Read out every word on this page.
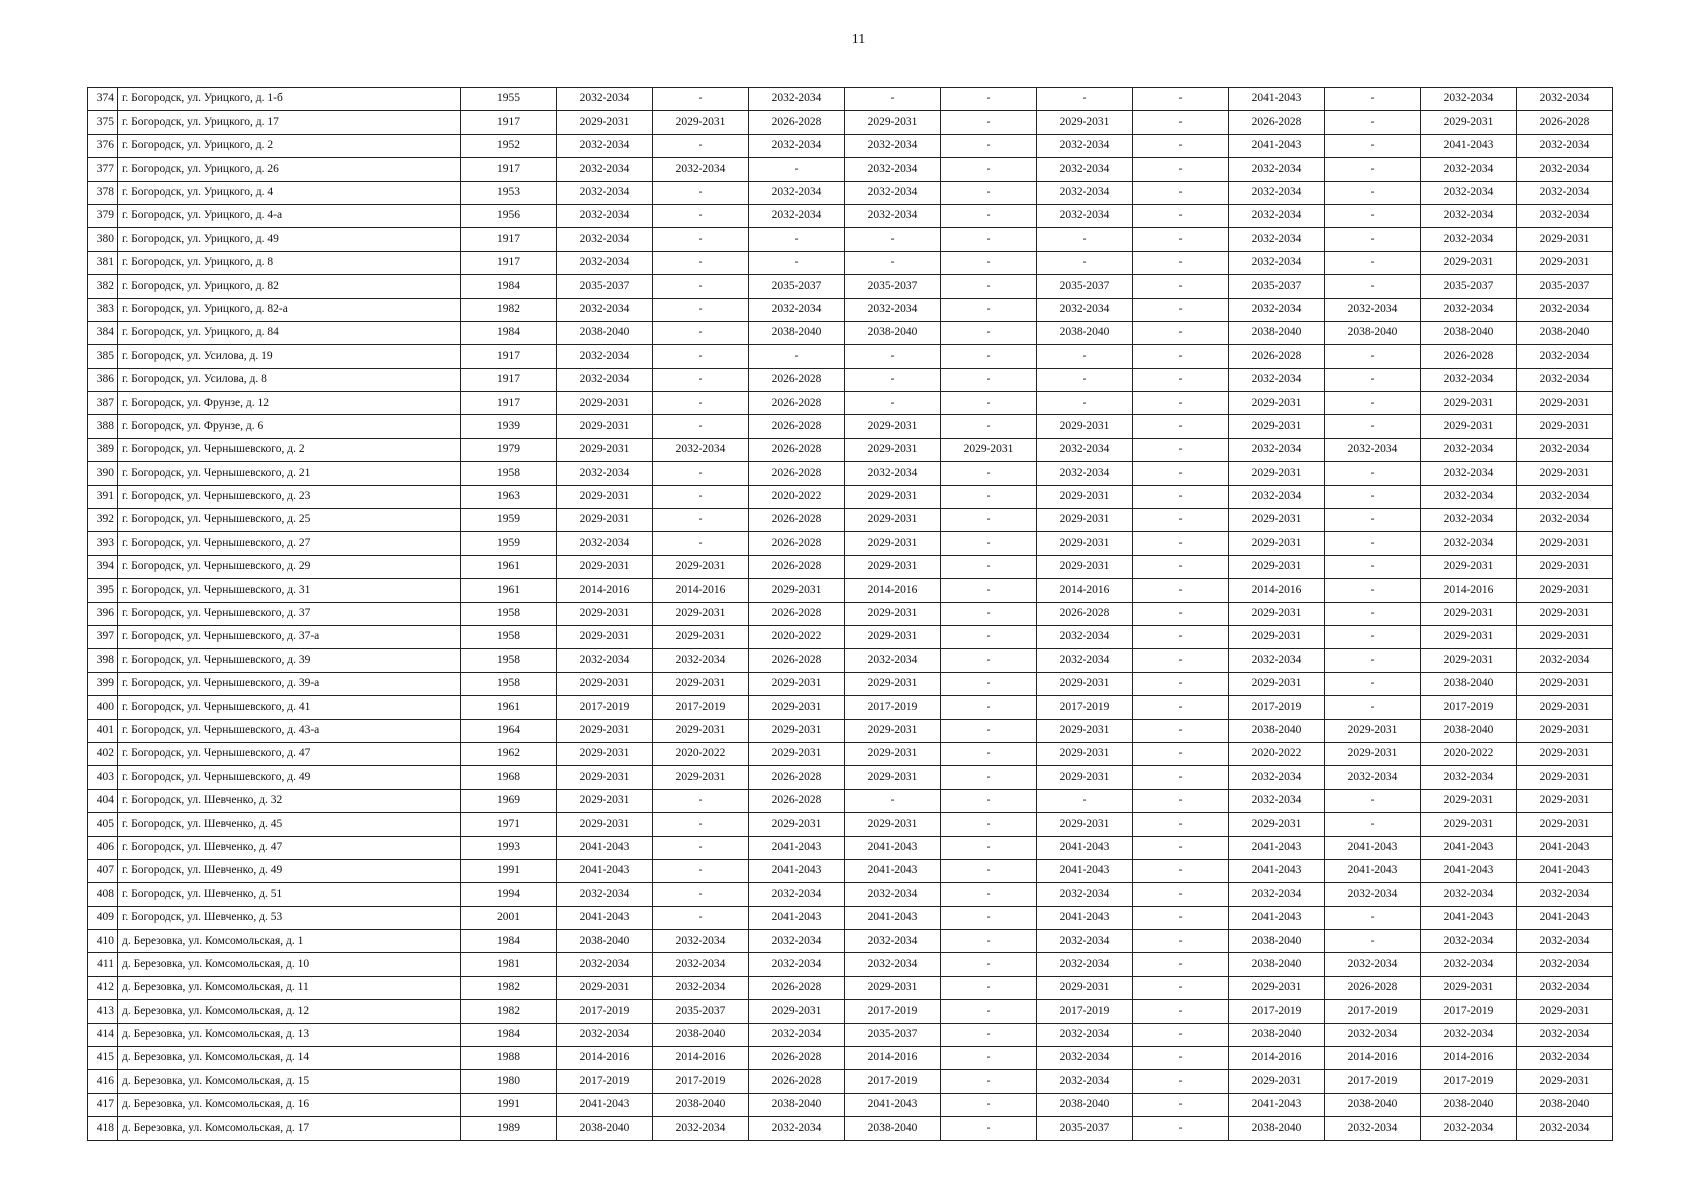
11
374	г. Богородск, ул. Урицкого, д. 1-б	1955	2032-2034	-	2032-2034	-	-	-	-	2041-2043	-	2032-2034	2032-2034
375	г. Богородск, ул. Урицкого, д. 17	1917	2029-2031	2029-2031	2026-2028	2029-2031	-	2029-2031	-	2026-2028	-	2029-2031	2026-2028
376	г. Богородск, ул. Урицкого, д. 2	1952	2032-2034	-	2032-2034	2032-2034	-	2032-2034	-	2041-2043	-	2041-2043	2032-2034
377	г. Богородск, ул. Урицкого, д. 26	1917	2032-2034	2032-2034	-	2032-2034	-	2032-2034	-	2032-2034	-	2032-2034	2032-2034
378	г. Богородск, ул. Урицкого, д. 4	1953	2032-2034	-	2032-2034	2032-2034	-	2032-2034	-	2032-2034	-	2032-2034	2032-2034
379	г. Богородск, ул. Урицкого, д. 4-а	1956	2032-2034	-	2032-2034	2032-2034	-	2032-2034	-	2032-2034	-	2032-2034	2032-2034
380	г. Богородск, ул. Урицкого, д. 49	1917	2032-2034	-	-	-	-	-	-	2032-2034	-	2032-2034	2029-2031
381	г. Богородск, ул. Урицкого, д. 8	1917	2032-2034	-	-	-	-	-	-	2032-2034	-	2029-2031	2029-2031
382	г. Богородск, ул. Урицкого, д. 82	1984	2035-2037	-	2035-2037	2035-2037	-	2035-2037	-	2035-2037	-	2035-2037	2035-2037
383	г. Богородск, ул. Урицкого, д. 82-а	1982	2032-2034	-	2032-2034	2032-2034	-	2032-2034	-	2032-2034	2032-2034	2032-2034	2032-2034
384	г. Богородск, ул. Урицкого, д. 84	1984	2038-2040	-	2038-2040	2038-2040	-	2038-2040	-	2038-2040	2038-2040	2038-2040	2038-2040
385	г. Богородск, ул. Усилова, д. 19	1917	2032-2034	-	-	-	-	-	-	2026-2028	-	2026-2028	2032-2034
386	г. Богородск, ул. Усилова, д. 8	1917	2032-2034	-	2026-2028	-	-	-	-	2032-2034	-	2032-2034	2032-2034
387	г. Богородск, ул. Фрунзе, д. 12	1917	2029-2031	-	2026-2028	-	-	-	-	2029-2031	-	2029-2031	2029-2031
388	г. Богородск, ул. Фрунзе, д. 6	1939	2029-2031	-	2026-2028	2029-2031	-	2029-2031	-	2029-2031	-	2029-2031	2029-2031
389	г. Богородск, ул. Чернышевского, д. 2	1979	2029-2031	2032-2034	2026-2028	2029-2031	2029-2031	2032-2034	-	2032-2034	2032-2034	2032-2034	2032-2034
390	г. Богородск, ул. Чернышевского, д. 21	1958	2032-2034	-	2026-2028	2032-2034	-	2032-2034	-	2029-2031	-	2032-2034	2029-2031
391	г. Богородск, ул. Чернышевского, д. 23	1963	2029-2031	-	2020-2022	2029-2031	-	2029-2031	-	2032-2034	-	2032-2034	2032-2034
392	г. Богородск, ул. Чернышевского, д. 25	1959	2029-2031	-	2026-2028	2029-2031	-	2029-2031	-	2029-2031	-	2032-2034	2032-2034
393	г. Богородск, ул. Чернышевского, д. 27	1959	2032-2034	-	2026-2028	2029-2031	-	2029-2031	-	2029-2031	-	2032-2034	2029-2031
394	г. Богородск, ул. Чернышевского, д. 29	1961	2029-2031	2029-2031	2026-2028	2029-2031	-	2029-2031	-	2029-2031	-	2029-2031	2029-2031
395	г. Богородск, ул. Чернышевского, д. 31	1961	2014-2016	2014-2016	2029-2031	2014-2016	-	2014-2016	-	2014-2016	-	2014-2016	2029-2031
396	г. Богородск, ул. Чернышевского, д. 37	1958	2029-2031	2029-2031	2026-2028	2029-2031	-	2026-2028	-	2029-2031	-	2029-2031	2029-2031
397	г. Богородск, ул. Чернышевского, д. 37-а	1958	2029-2031	2029-2031	2020-2022	2029-2031	-	2032-2034	-	2029-2031	-	2029-2031	2029-2031
398	г. Богородск, ул. Чернышевского, д. 39	1958	2032-2034	2032-2034	2026-2028	2032-2034	-	2032-2034	-	2032-2034	-	2029-2031	2032-2034
399	г. Богородск, ул. Чернышевского, д. 39-а	1958	2029-2031	2029-2031	2029-2031	2029-2031	-	2029-2031	-	2029-2031	-	2038-2040	2029-2031
400	г. Богородск, ул. Чернышевского, д. 41	1961	2017-2019	2017-2019	2029-2031	2017-2019	-	2017-2019	-	2017-2019	-	2017-2019	2029-2031
401	г. Богородск, ул. Чернышевского, д. 43-а	1964	2029-2031	2029-2031	2029-2031	2029-2031	-	2029-2031	-	2038-2040	2029-2031	2038-2040	2029-2031
402	г. Богородск, ул. Чернышевского, д. 47	1962	2029-2031	2020-2022	2029-2031	2029-2031	-	2029-2031	-	2020-2022	2029-2031	2020-2022	2029-2031
403	г. Богородск, ул. Чернышевского, д. 49	1968	2029-2031	2029-2031	2026-2028	2029-2031	-	2029-2031	-	2032-2034	2032-2034	2032-2034	2029-2031
404	г. Богородск, ул. Шевченко, д. 32	1969	2029-2031	-	2026-2028	-	-	-	-	2032-2034	-	2029-2031	2029-2031
405	г. Богородск, ул. Шевченко, д. 45	1971	2029-2031	-	2029-2031	2029-2031	-	2029-2031	-	2029-2031	-	2029-2031	2029-2031
406	г. Богородск, ул. Шевченко, д. 47	1993	2041-2043	-	2041-2043	2041-2043	-	2041-2043	-	2041-2043	2041-2043	2041-2043	2041-2043
407	г. Богородск, ул. Шевченко, д. 49	1991	2041-2043	-	2041-2043	2041-2043	-	2041-2043	-	2041-2043	2041-2043	2041-2043	2041-2043
408	г. Богородск, ул. Шевченко, д. 51	1994	2032-2034	-	2032-2034	2032-2034	-	2032-2034	-	2032-2034	2032-2034	2032-2034	2032-2034
409	г. Богородск, ул. Шевченко, д. 53	2001	2041-2043	-	2041-2043	2041-2043	-	2041-2043	-	2041-2043	-	2041-2043	2041-2043
410	д. Березовка, ул. Комсомольская, д. 1	1984	2038-2040	2032-2034	2032-2034	2032-2034	-	2032-2034	-	2038-2040	-	2032-2034	2032-2034
411	д. Березовка, ул. Комсомольская, д. 10	1981	2032-2034	2032-2034	2032-2034	2032-2034	-	2032-2034	-	2038-2040	2032-2034	2032-2034	2032-2034
412	д. Березовка, ул. Комсомольская, д. 11	1982	2029-2031	2032-2034	2026-2028	2029-2031	-	2029-2031	-	2029-2031	2026-2028	2029-2031	2032-2034
413	д. Березовка, ул. Комсомольская, д. 12	1982	2017-2019	2035-2037	2029-2031	2017-2019	-	2017-2019	-	2017-2019	2017-2019	2017-2019	2029-2031
414	д. Березовка, ул. Комсомольская, д. 13	1984	2032-2034	2038-2040	2032-2034	2035-2037	-	2032-2034	-	2038-2040	2032-2034	2032-2034	2032-2034
415	д. Березовка, ул. Комсомольская, д. 14	1988	2014-2016	2014-2016	2026-2028	2014-2016	-	2032-2034	-	2014-2016	2014-2016	2014-2016	2032-2034
416	д. Березовка, ул. Комсомольская, д. 15	1980	2017-2019	2017-2019	2026-2028	2017-2019	-	2032-2034	-	2029-2031	2017-2019	2017-2019	2029-2031
417	д. Березовка, ул. Комсомольская, д. 16	1991	2041-2043	2038-2040	2038-2040	2041-2043	-	2038-2040	-	2041-2043	2038-2040	2038-2040	2038-2040
418	д. Березовка, ул. Комсомольская, д. 17	1989	2038-2040	2032-2034	2032-2034	2038-2040	-	2035-2037	-	2038-2040	2032-2034	2032-2034	2032-2034
